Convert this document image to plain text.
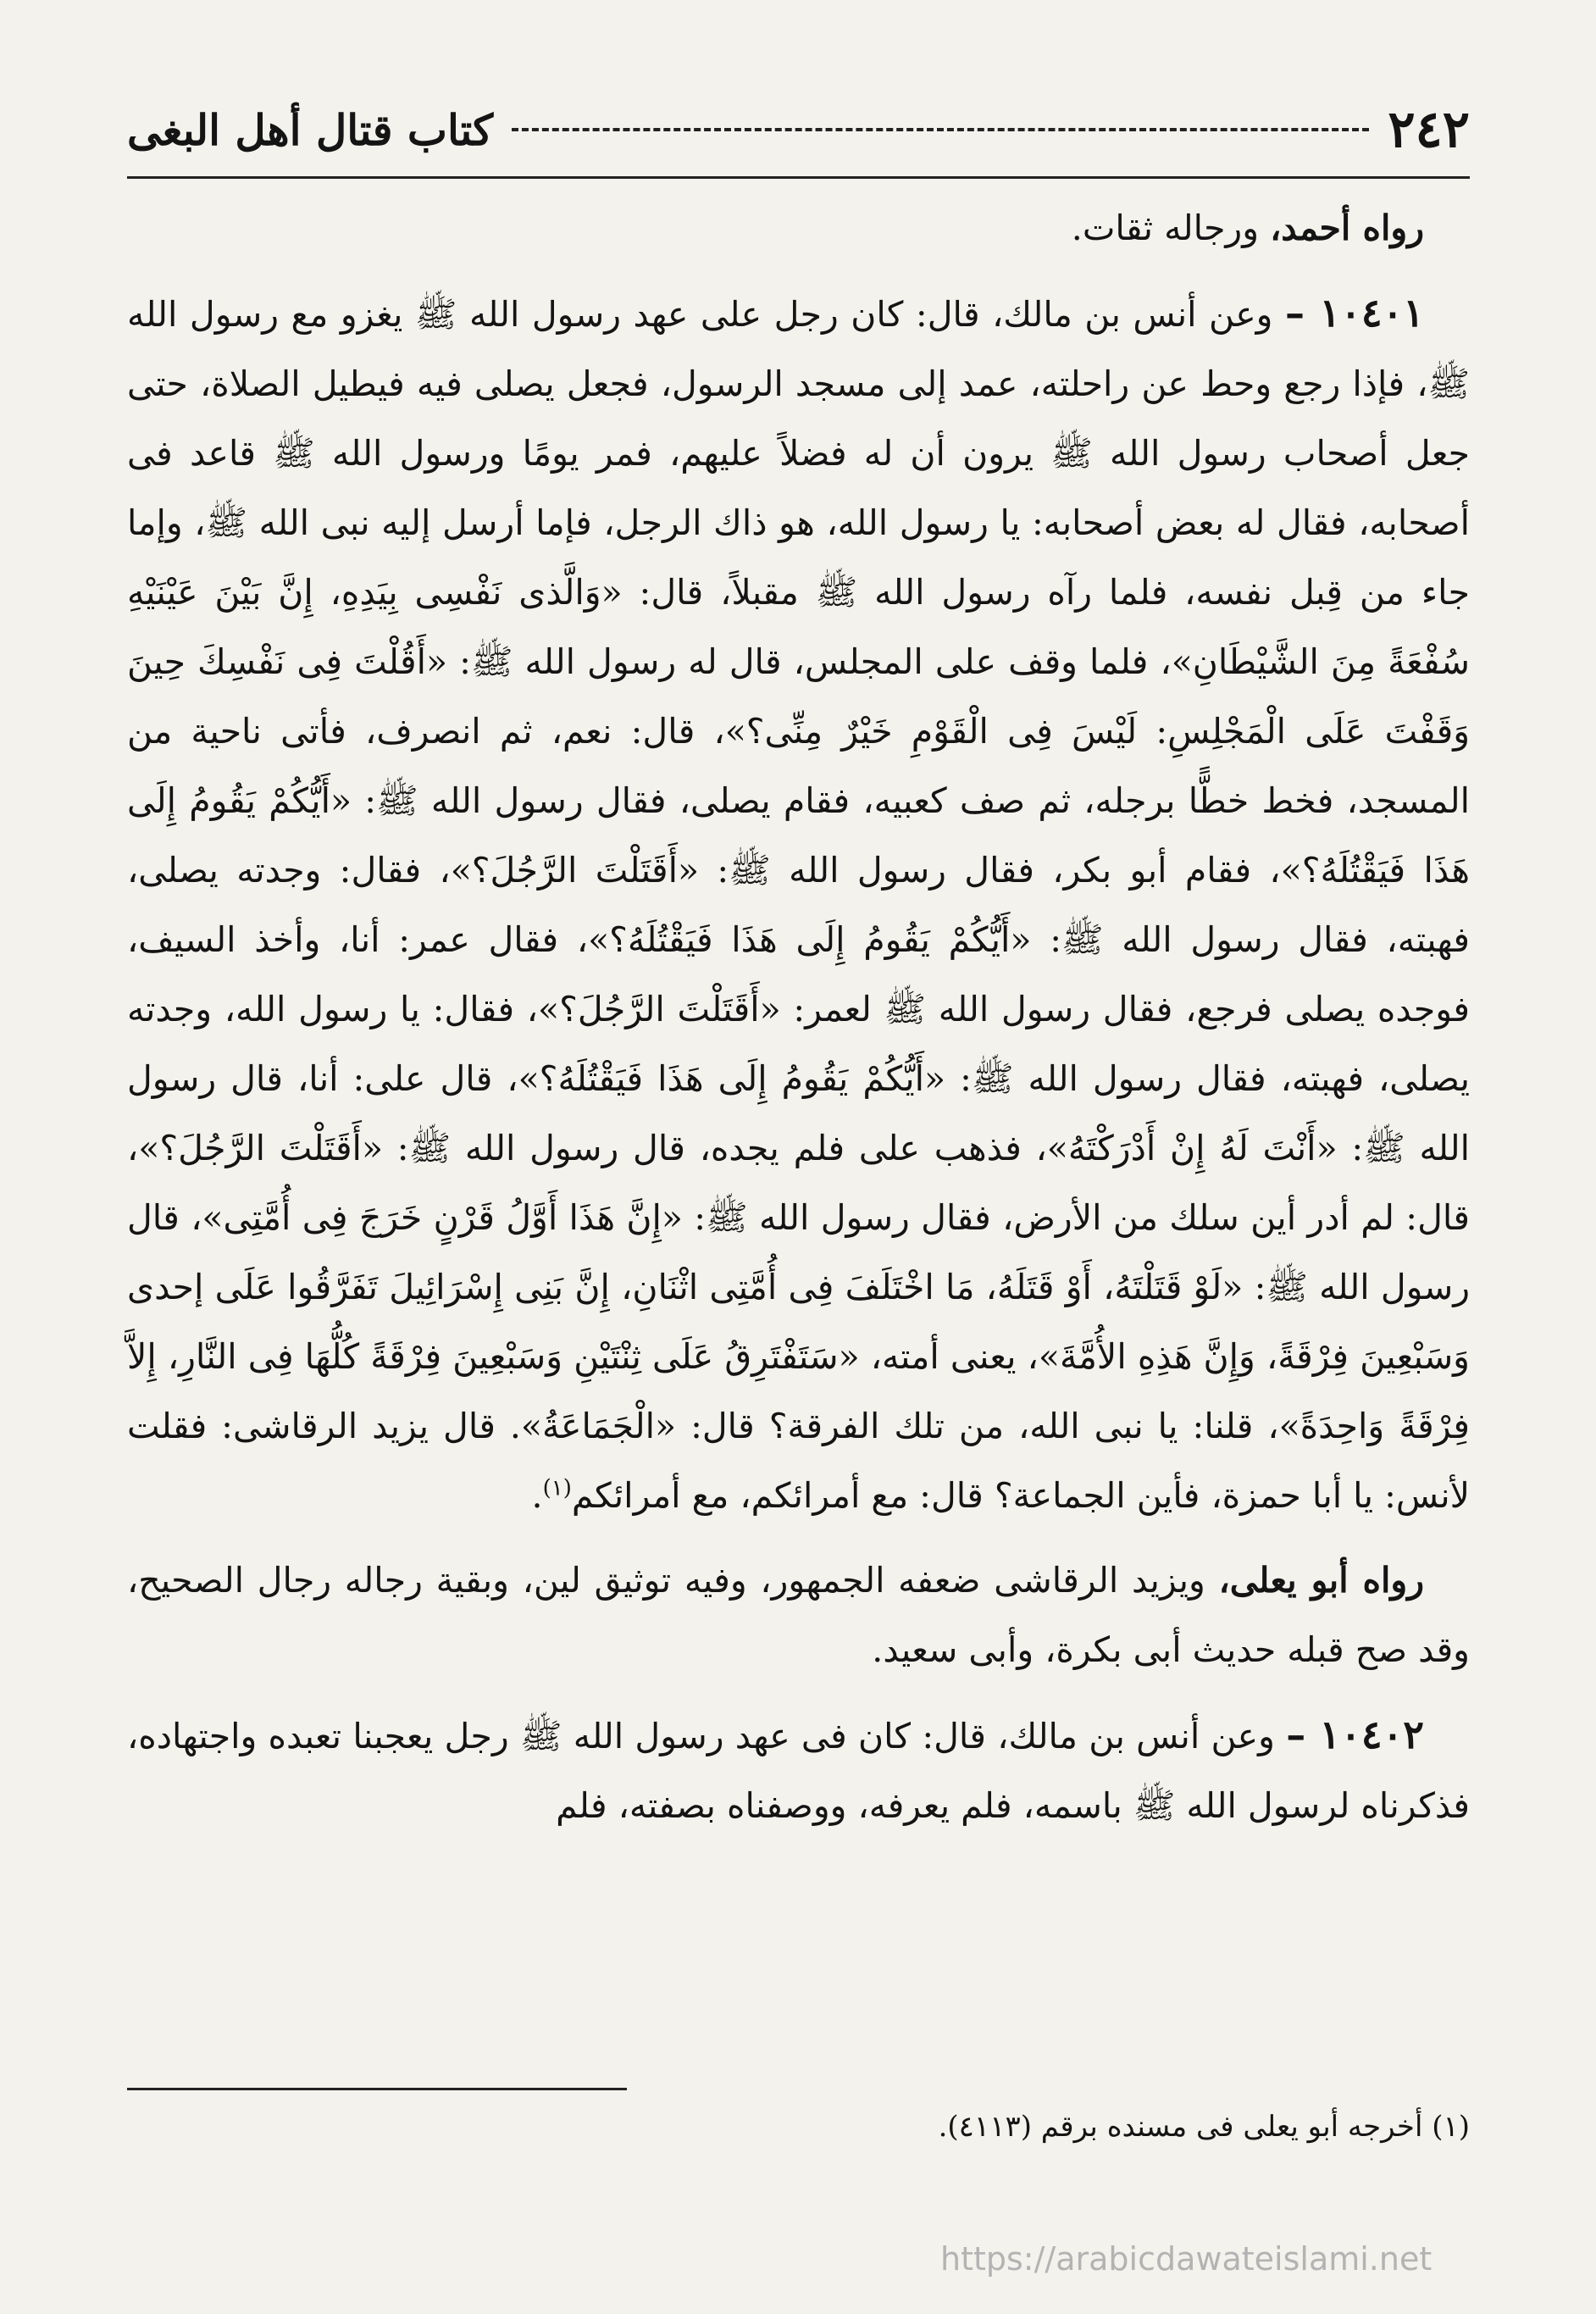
٢٤٢
كتاب قتال أهل البغى

رواه أحمد، ورجاله ثقات.

١٠٤٠١ – وعن أنس بن مالك، قال: كان رجل على عهد رسول الله ﷺ يغزو مع رسول الله ﷺ، فإذا رجع وحط عن راحلته، عمد إلى مسجد الرسول، فجعل يصلى فيه فيطيل الصلاة، حتى جعل أصحاب رسول الله ﷺ يرون أن له فضلاً عليهم، فمر يومًا ورسول الله ﷺ قاعد فى أصحابه، فقال له بعض أصحابه: يا رسول الله، هو ذاك الرجل، فإما أرسل إليه نبى الله ﷺ، وإما جاء من قِبل نفسه، فلما رآه رسول الله ﷺ مقبلاً، قال: «وَالَّذى نَفْسِى بِيَدِهِ، إِنَّ بَيْنَ عَيْنَيْهِ سُفْعَةً مِنَ الشَّيْطَانِ»، فلما وقف على المجلس، قال له رسول الله ﷺ: «أَقُلْتَ فِى نَفْسِكَ حِينَ وَقَفْتَ عَلَى الْمَجْلِسِ: لَيْسَ فِى الْقَوْمِ خَيْرٌ مِنِّى؟»، قال: نعم، ثم انصرف، فأتى ناحية من المسجد، فخط خطًّا برجله، ثم صف كعبيه، فقام يصلى، فقال رسول الله ﷺ: «أَيُّكُمْ يَقُومُ إِلَى هَذَا فَيَقْتُلَهُ؟»، فقام أبو بكر، فقال رسول الله ﷺ: «أَقَتَلْتَ الرَّجُلَ؟»، فقال: وجدته يصلى، فهبته، فقال رسول الله ﷺ: «أَيُّكُمْ يَقُومُ إِلَى هَذَا فَيَقْتُلَهُ؟»، فقال عمر: أنا، وأخذ السيف، فوجده يصلى فرجع، فقال رسول الله ﷺ لعمر: «أَقَتَلْتَ الرَّجُلَ؟»، فقال: يا رسول الله، وجدته يصلى، فهبته، فقال رسول الله ﷺ: «أَيُّكُمْ يَقُومُ إِلَى هَذَا فَيَقْتُلَهُ؟»، قال على: أنا، قال رسول الله ﷺ: «أَنْتَ لَهُ إِنْ أَدْرَكْتَهُ»، فذهب على فلم يجده، قال رسول الله ﷺ: «أَقَتَلْتَ الرَّجُلَ؟»، قال: لم أدر أين سلك من الأرض، فقال رسول الله ﷺ: «إِنَّ هَذَا أَوَّلُ قَرْنٍ خَرَجَ فِى أُمَّتِى»، قال رسول الله ﷺ: «لَوْ قَتَلْتَهُ، أَوْ قَتَلَهُ، مَا اخْتَلَفَ فِى أُمَّتِى اثْنَانِ، إِنَّ بَنِى إِسْرَائِيلَ تَفَرَّقُوا عَلَى إحدى وَسَبْعِينَ فِرْقَةً، وَإِنَّ هَذِهِ الأُمَّةَ»، يعنى أمته، «سَتَفْتَرِقُ عَلَى ثِنْتَيْنِ وَسَبْعِينَ فِرْقَةً كُلُّهَا فِى النَّارِ، إِلاَّ فِرْقَةً وَاحِدَةً»، قلنا: يا نبى الله، من تلك الفرقة؟ قال: «الْجَمَاعَةُ». قال يزيد الرقاشى: فقلت لأنس: يا أبا حمزة، فأين الجماعة؟ قال: مع أمرائكم، مع أمرائكم$^{(١)}$.

رواه أبو يعلى، ويزيد الرقاشى ضعفه الجمهور، وفيه توثيق لين، وبقية رجاله رجال الصحيح، وقد صح قبله حديث أبى بكرة، وأبى سعيد.

١٠٤٠٢ – وعن أنس بن مالك، قال: كان فى عهد رسول الله ﷺ رجل يعجبنا تعبده واجتهاده، فذكرناه لرسول الله ﷺ باسمه، فلم يعرفه، ووصفناه بصفته، فلم

(١) أخرجه أبو يعلى فى مسنده برقم (٤١١٣).
https://arabicdawateislami.net
